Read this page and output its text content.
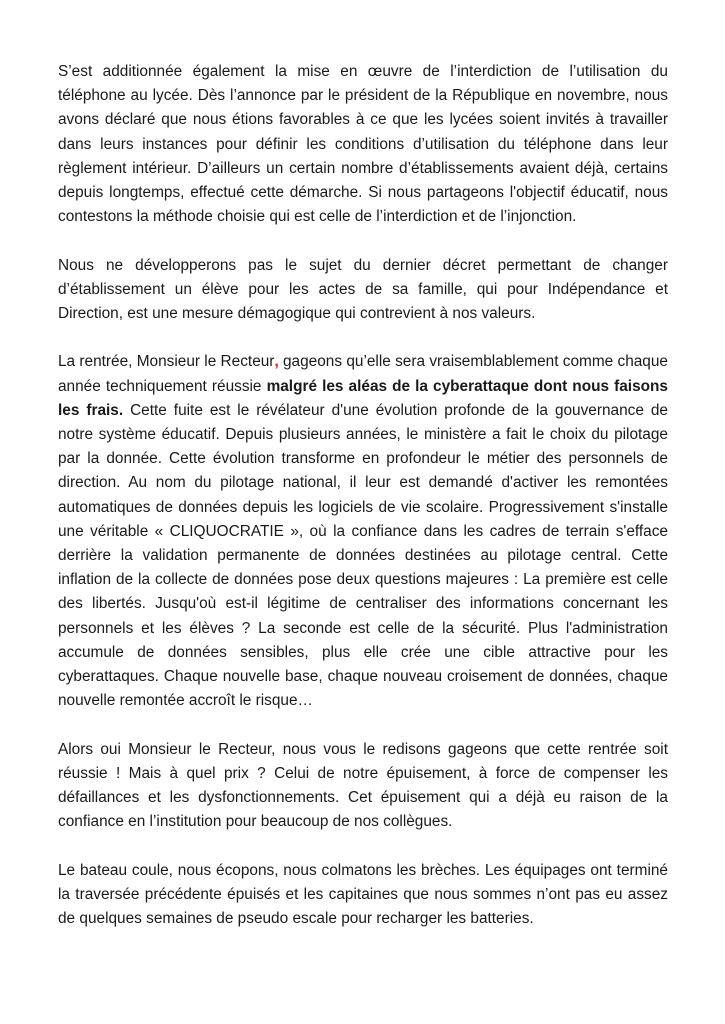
S’est additionnée également la mise en œuvre de l’interdiction de l’utilisation du téléphone au lycée. Dès l’annonce par le président de la République en novembre, nous avons déclaré que nous étions favorables à ce que les lycées soient invités à travailler dans leurs instances pour définir les conditions d’utilisation du téléphone dans leur règlement intérieur. D’ailleurs un certain nombre d’établissements avaient déjà, certains depuis longtemps, effectué cette démarche. Si nous partageons l'objectif éducatif, nous contestons la méthode choisie qui est celle de l’interdiction et de l’injonction.

Nous ne développerons pas le sujet du dernier décret permettant de changer d’établissement un élève pour les actes de sa famille, qui pour Indépendance et Direction, est une mesure démagogique qui contrevient à nos valeurs.

La rentrée, Monsieur le Recteur, gageons qu’elle sera vraisemblablement comme chaque année techniquement réussie malgré les aléas de la cyberattaque dont nous faisons les frais. Cette fuite est le révélateur d'une évolution profonde de la gouvernance de notre système éducatif. Depuis plusieurs années, le ministère a fait le choix du pilotage par la donnée. Cette évolution transforme en profondeur le métier des personnels de direction. Au nom du pilotage national, il leur est demandé d'activer les remontées automatiques de données depuis les logiciels de vie scolaire. Progressivement s'installe une véritable « CLIQUOCRATIE », où la confiance dans les cadres de terrain s'efface derrière la validation permanente de données destinées au pilotage central. Cette inflation de la collecte de données pose deux questions majeures : La première est celle des libertés. Jusqu'où est-il légitime de centraliser des informations concernant les personnels et les élèves ? La seconde est celle de la sécurité. Plus l'administration accumule de données sensibles, plus elle crée une cible attractive pour les cyberattaques. Chaque nouvelle base, chaque nouveau croisement de données, chaque nouvelle remontée accroît le risque…

Alors oui Monsieur le Recteur, nous vous le redisons gageons que cette rentrée soit réussie ! Mais à quel prix ? Celui de notre épuisement, à force de compenser les défaillances et les dysfonctionnements. Cet épuisement qui a déjà eu raison de la confiance en l’institution pour beaucoup de nos collègues.

Le bateau coule, nous écopons, nous colmatons les brèches. Les équipages ont terminé la traversée précédente épuisés et les capitaines que nous sommes n’ont pas eu assez de quelques semaines de pseudo escale pour recharger les batteries.
